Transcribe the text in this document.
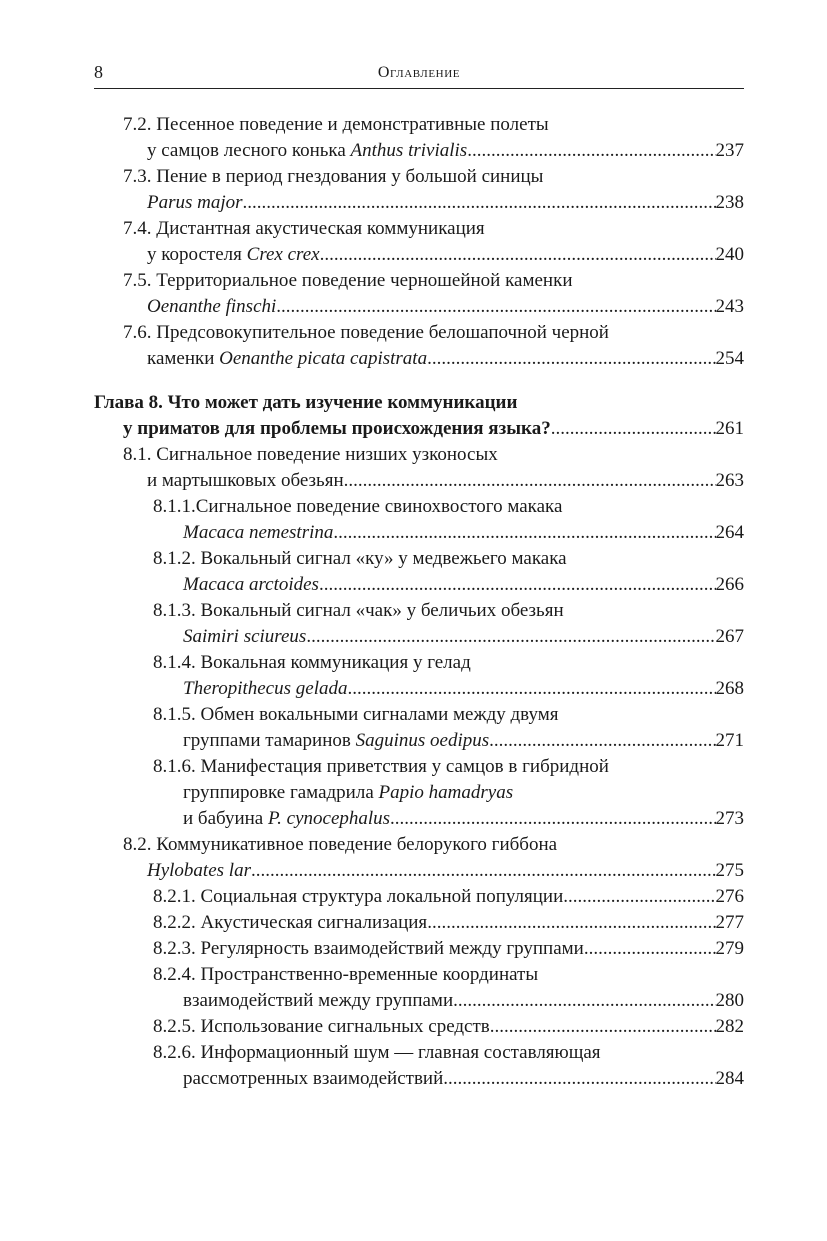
8	Оглавление
7.2. Песенное поведение и демонстративные полеты
у самцов лесного конька Anthus trivialis .....	237
7.3. Пение в период гнездования у большой синицы
Parus major .....	238
7.4. Дистантная акустическая коммуникация
у коростеля Crex crex .....	240
7.5. Территориальное поведение черношейной каменки
Oenanthe finschi .....	243
7.6. Предсовокупительное поведение белошапочной черной
каменки Oenanthe picata capistrata .....	254
Глава 8. Что может дать изучение коммуникации
у приматов для проблемы происхождения языка? .....	261
8.1. Сигнальное поведение низших узконосых
и мартышковых обезьян .....	263
8.1.1.Сигнальное поведение свинохвостого макака
Macaca nemestrina .....	264
8.1.2. Вокальный сигнал «ку» у медвежьего макака
Macaca arctoides .....	266
8.1.3. Вокальный сигнал «чак» у беличьих обезьян
Saimiri sciureus .....	267
8.1.4. Вокальная коммуникация у гелад
Theropithecus gelada .....	268
8.1.5. Обмен вокальными сигналами между двумя
группами тамаринов Saguinus oedipus .....	271
8.1.6. Манифестация приветствия у самцов в гибридной
группировке гамадрила Papio hamadryas
и бабуина P. cynocephalus .....	273
8.2. Коммуникативное поведение белорукого гиббона
Hylobates lar .....	275
8.2.1. Социальная структура локальной популяции .....	276
8.2.2. Акустическая сигнализация .....	277
8.2.3. Регулярность взаимодействий между группами .....	279
8.2.4. Пространственно-временные координаты
взаимодействий между группами .....	280
8.2.5. Использование сигнальных средств .....	282
8.2.6. Информационный шум — главная составляющая
рассмотренных взаимодействий .....	284
